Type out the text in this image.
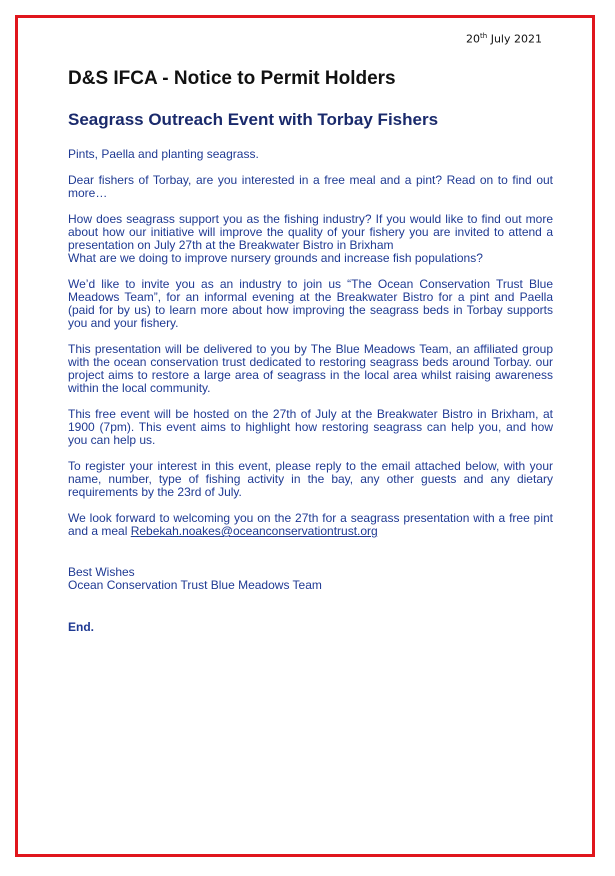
20th July 2021
D&S IFCA - Notice to Permit Holders
Seagrass Outreach Event with Torbay Fishers

Pints, Paella and planting seagrass.

Dear fishers of Torbay, are you interested in a free meal and a pint? Read on to find out more…

How does seagrass support you as the fishing industry? If you would like to find out more about how our initiative will improve the quality of your fishery you are invited to attend a presentation on July 27th at the Breakwater Bistro in Brixham
What are we doing to improve nursery grounds and increase fish populations?

We’d like to invite you as an industry to join us “The Ocean Conservation Trust Blue Meadows Team”, for an informal evening at the Breakwater Bistro for a pint and Paella (paid for by us) to learn more about how improving the seagrass beds in Torbay supports you and your fishery.

This presentation will be delivered to you by The Blue Meadows Team, an affiliated group with the ocean conservation trust dedicated to restoring seagrass beds around Torbay. our project aims to restore a large area of seagrass in the local area whilst raising awareness within the local community.

This free event will be hosted on the 27th of July at the Breakwater Bistro in Brixham, at 1900 (7pm). This event aims to highlight how restoring seagrass can help you, and how you can help us.

To register your interest in this event, please reply to the email attached below, with your name, number, type of fishing activity in the bay, any other guests and any dietary requirements by the 23rd of July.

We look forward to welcoming you on the 27th for a seagrass presentation with a free pint and a meal Rebekah.noakes@oceanconservationtrust.org

Best Wishes
Ocean Conservation Trust Blue Meadows Team
End.
